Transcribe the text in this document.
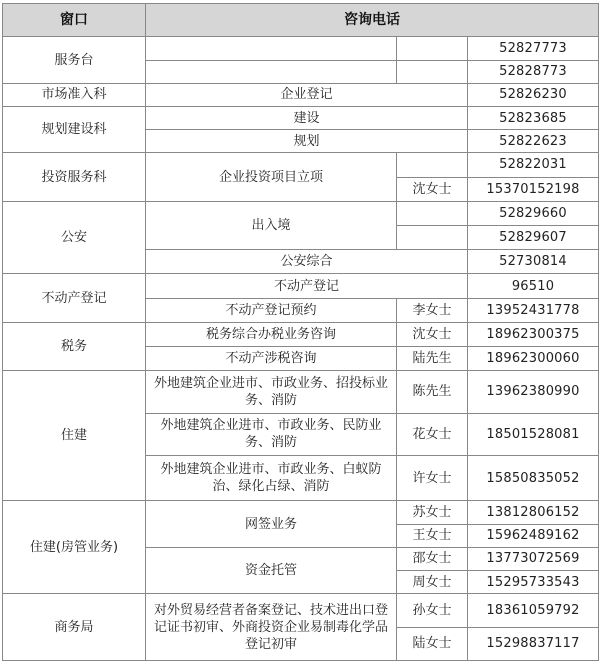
窗口	咨询电话		
服务台			52827773
			52828773
市场准入科	企业登记		52826230
规划建设科	建设		52823685
	规划		52822623
投资服务科	企业投资项目立项		52822031
		沈女士	15370152198
公安	出入境		52829660
			52829607
	公安综合		52730814
不动产登记	不动产登记		96510
	不动产登记预约	李女士	13952431778
税务	税务综合办税业务咨询	沈女士	18962300375
	不动产涉税咨询	陆先生	18962300060
住建	外地建筑企业进市、市政业务、招投标业务、消防	陈先生	13962380990
	外地建筑企业进市、市政业务、民防业务、消防	花女士	18501528081
	外地建筑企业进市、市政业务、白蚁防治、绿化占绿、消防	许女士	15850835052
住建(房管业务)	网签业务	苏女士	13812806152
		王女士	15962489162
	资金托管	邵女士	13773072569
		周女士	15295733543
商务局	对外贸易经营者备案登记、技术进出口登记证书初审、外商投资企业易制毒化学品登记初审	孙女士	18361059792
		陆女士	15298837117
